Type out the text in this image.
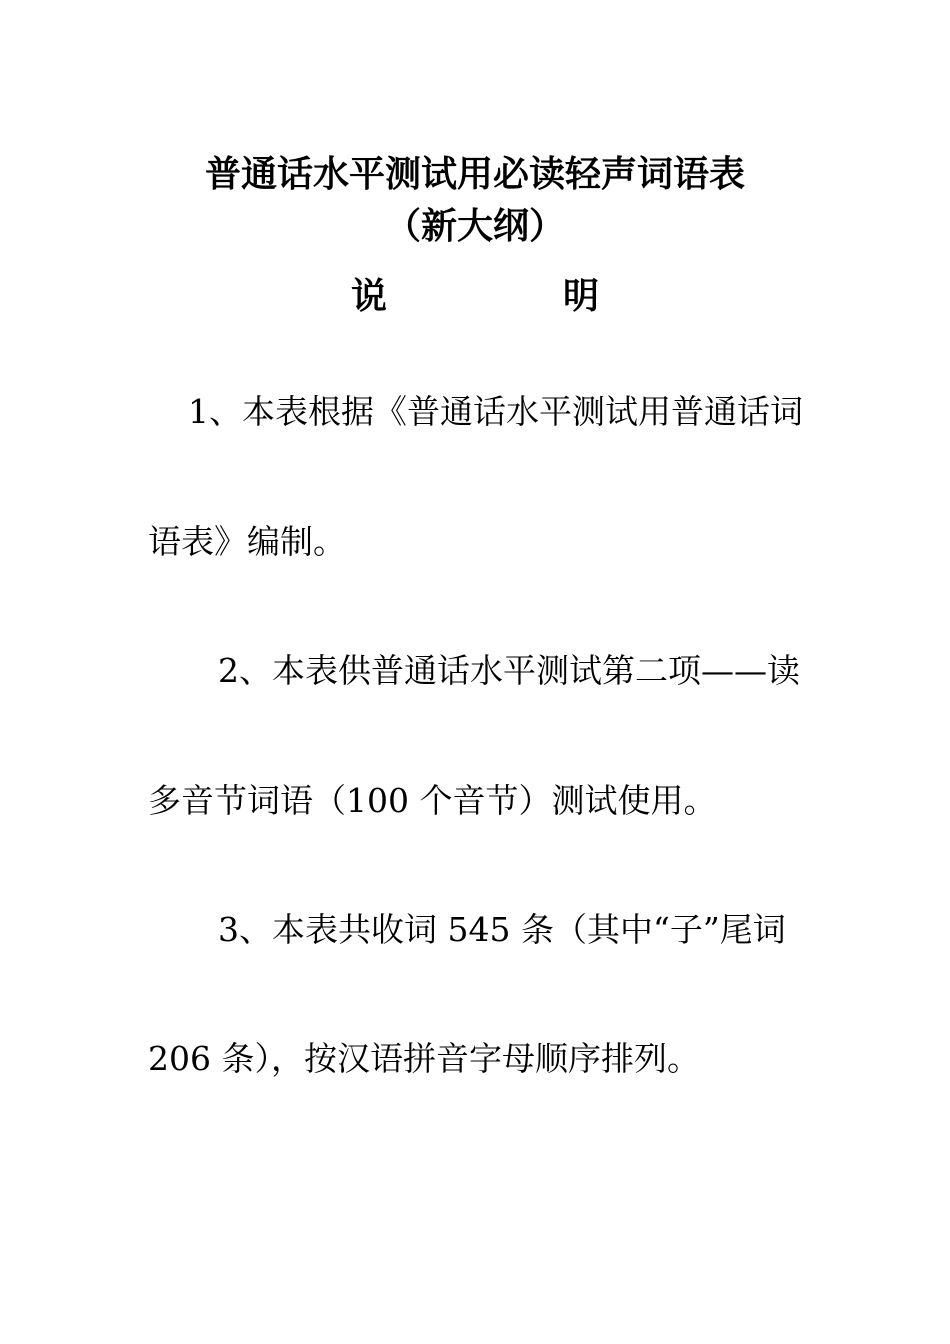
普通话水平测试用必读轻声词语表
（新大纲）
说	明
1、本表根据《普通话水平测试用普通话词
语表》编制。
2、本表供普通话水平测试第二项——读
多音节词语（100 个音节）测试使用。
3、本表共收词 545 条（其中“子”尾词
206 条），按汉语拼音字母顺序排列。
